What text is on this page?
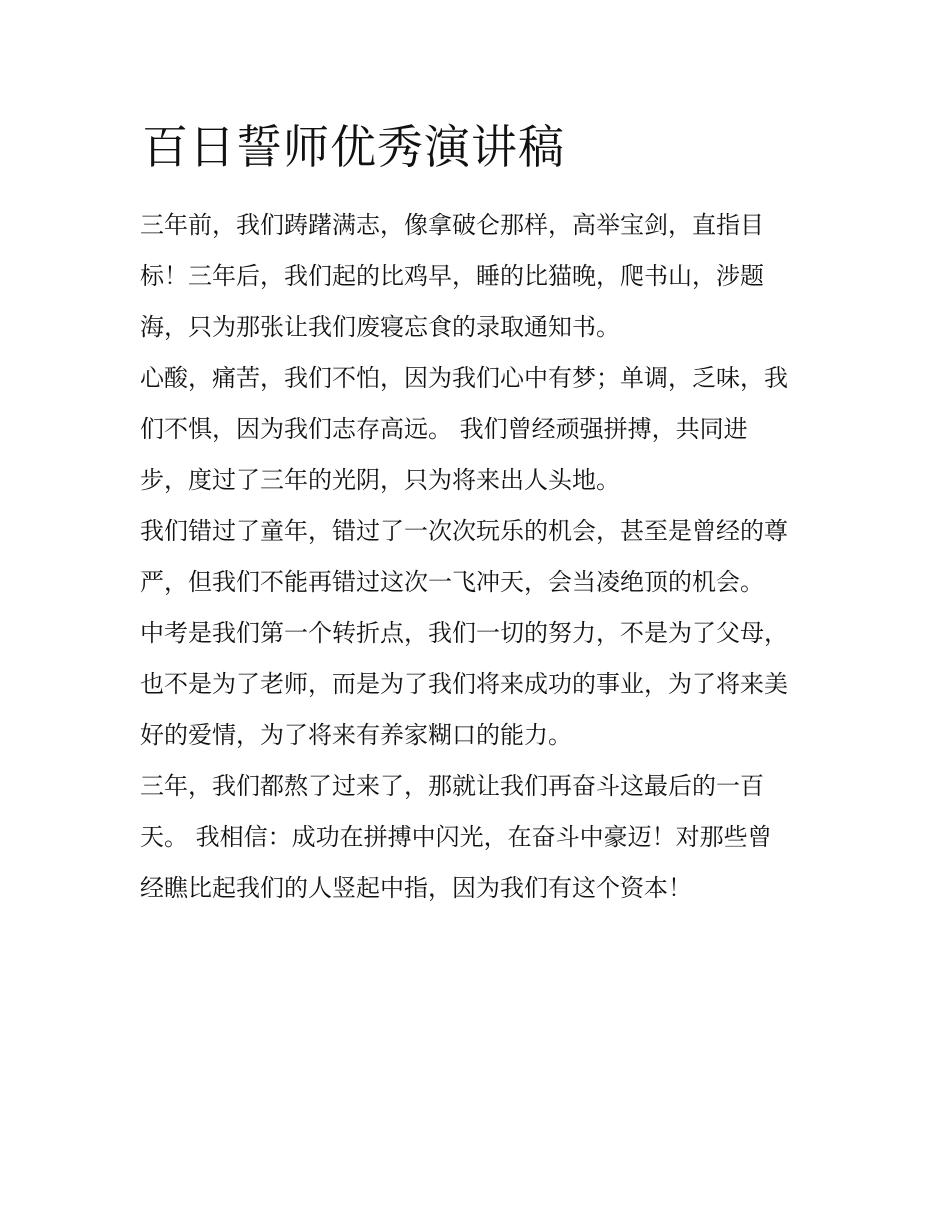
百日誓师优秀演讲稿

三年前，我们踌躇满志，像拿破仑那样，高举宝剑，直指目
标！三年后，我们起的比鸡早，睡的比猫晚，爬书山，涉题
海，只为那张让我们废寝忘食的录取通知书。

心酸，痛苦，我们不怕，因为我们心中有梦；单调，乏味，我
们不惧，因为我们志存高远。 我们曾经顽强拼搏，共同进
步，度过了三年的光阴，只为将来出人头地。

我们错过了童年，错过了一次次玩乐的机会，甚至是曾经的尊
严，但我们不能再错过这次一飞冲天，会当凌绝顶的机会。

中考是我们第一个转折点，我们一切的努力，不是为了父母，
也不是为了老师，而是为了我们将来成功的事业，为了将来美
好的爱情，为了将来有养家糊口的能力。

三年，我们都熬了过来了，那就让我们再奋斗这最后的一百
天。 我相信：成功在拼搏中闪光，在奋斗中豪迈！对那些曾
经瞧比起我们的人竖起中指，因为我们有这个资本！
